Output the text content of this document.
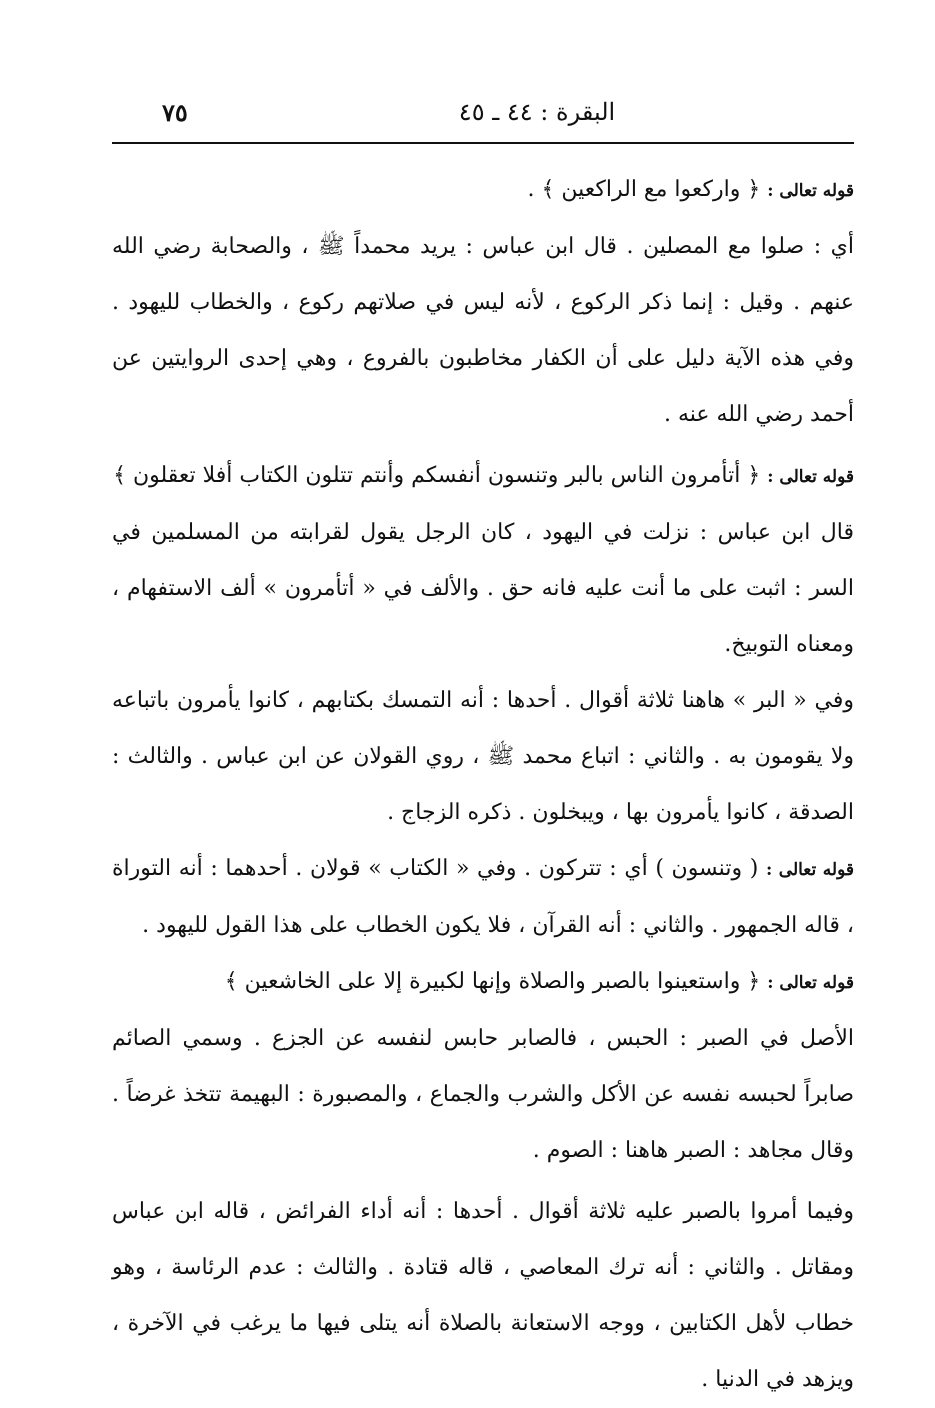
٧٥	البقرة : ٤٤ ـ ٤٥

قوله تعالى : ﴿ واركعوا مع الراكعين ﴾ .

أي : صلوا مع المصلين . قال ابن عباس : يريد محمداً ﷺ ، والصحابة رضي الله عنهم . وقيل : إنما ذكر الركوع ، لأنه ليس في صلاتهم ركوع ، والخطاب لليهود . وفي هذه الآية دليل على أن الكفار مخاطبون بالفروع ، وهي إحدى الروايتين عن أحمد رضي الله عنه .

قوله تعالى : ﴿ أتأمرون الناس بالبر وتنسون أنفسكم وأنتم تتلون الكتاب أفلا تعقلون ﴾

قال ابن عباس : نزلت في اليهود ، كان الرجل يقول لقرابته من المسلمين في السر : اثبت على ما أنت عليه فانه حق . والألف في « أتأمرون » ألف الاستفهام ، ومعناه التوبيخ.

وفي « البر » هاهنا ثلاثة أقوال . أحدها : أنه التمسك بكتابهم ، كانوا يأمرون باتباعه ولا يقومون به . والثاني : اتباع محمد ﷺ ، روي القولان عن ابن عباس . والثالث : الصدقة ، كانوا يأمرون بها ، ويبخلون . ذكره الزجاج .

قوله تعالى : ( وتنسون ) أي : تتركون . وفي « الكتاب » قولان . أحدهما : أنه التوراة ، قاله الجمهور . والثاني : أنه القرآن ، فلا يكون الخطاب على هذا القول لليهود .

قوله تعالى : ﴿ واستعينوا بالصبر والصلاة وإنها لكبيرة إلا على الخاشعين ﴾

الأصل في الصبر : الحبس ، فالصابر حابس لنفسه عن الجزع . وسمي الصائم صابراً لحبسه نفسه عن الأكل والشرب والجماع ، والمصبورة : البهيمة تتخذ غرضاً . وقال مجاهد : الصبر هاهنا : الصوم .

وفيما أمروا بالصبر عليه ثلاثة أقوال . أحدها : أنه أداء الفرائض ، قاله ابن عباس ومقاتل . والثاني : أنه ترك المعاصي ، قاله قتادة . والثالث : عدم الرئاسة ، وهو خطاب لأهل الكتابين ، ووجه الاستعانة بالصلاة أنه يتلى فيها ما يرغب في الآخرة ، ويزهد في الدنيا .
